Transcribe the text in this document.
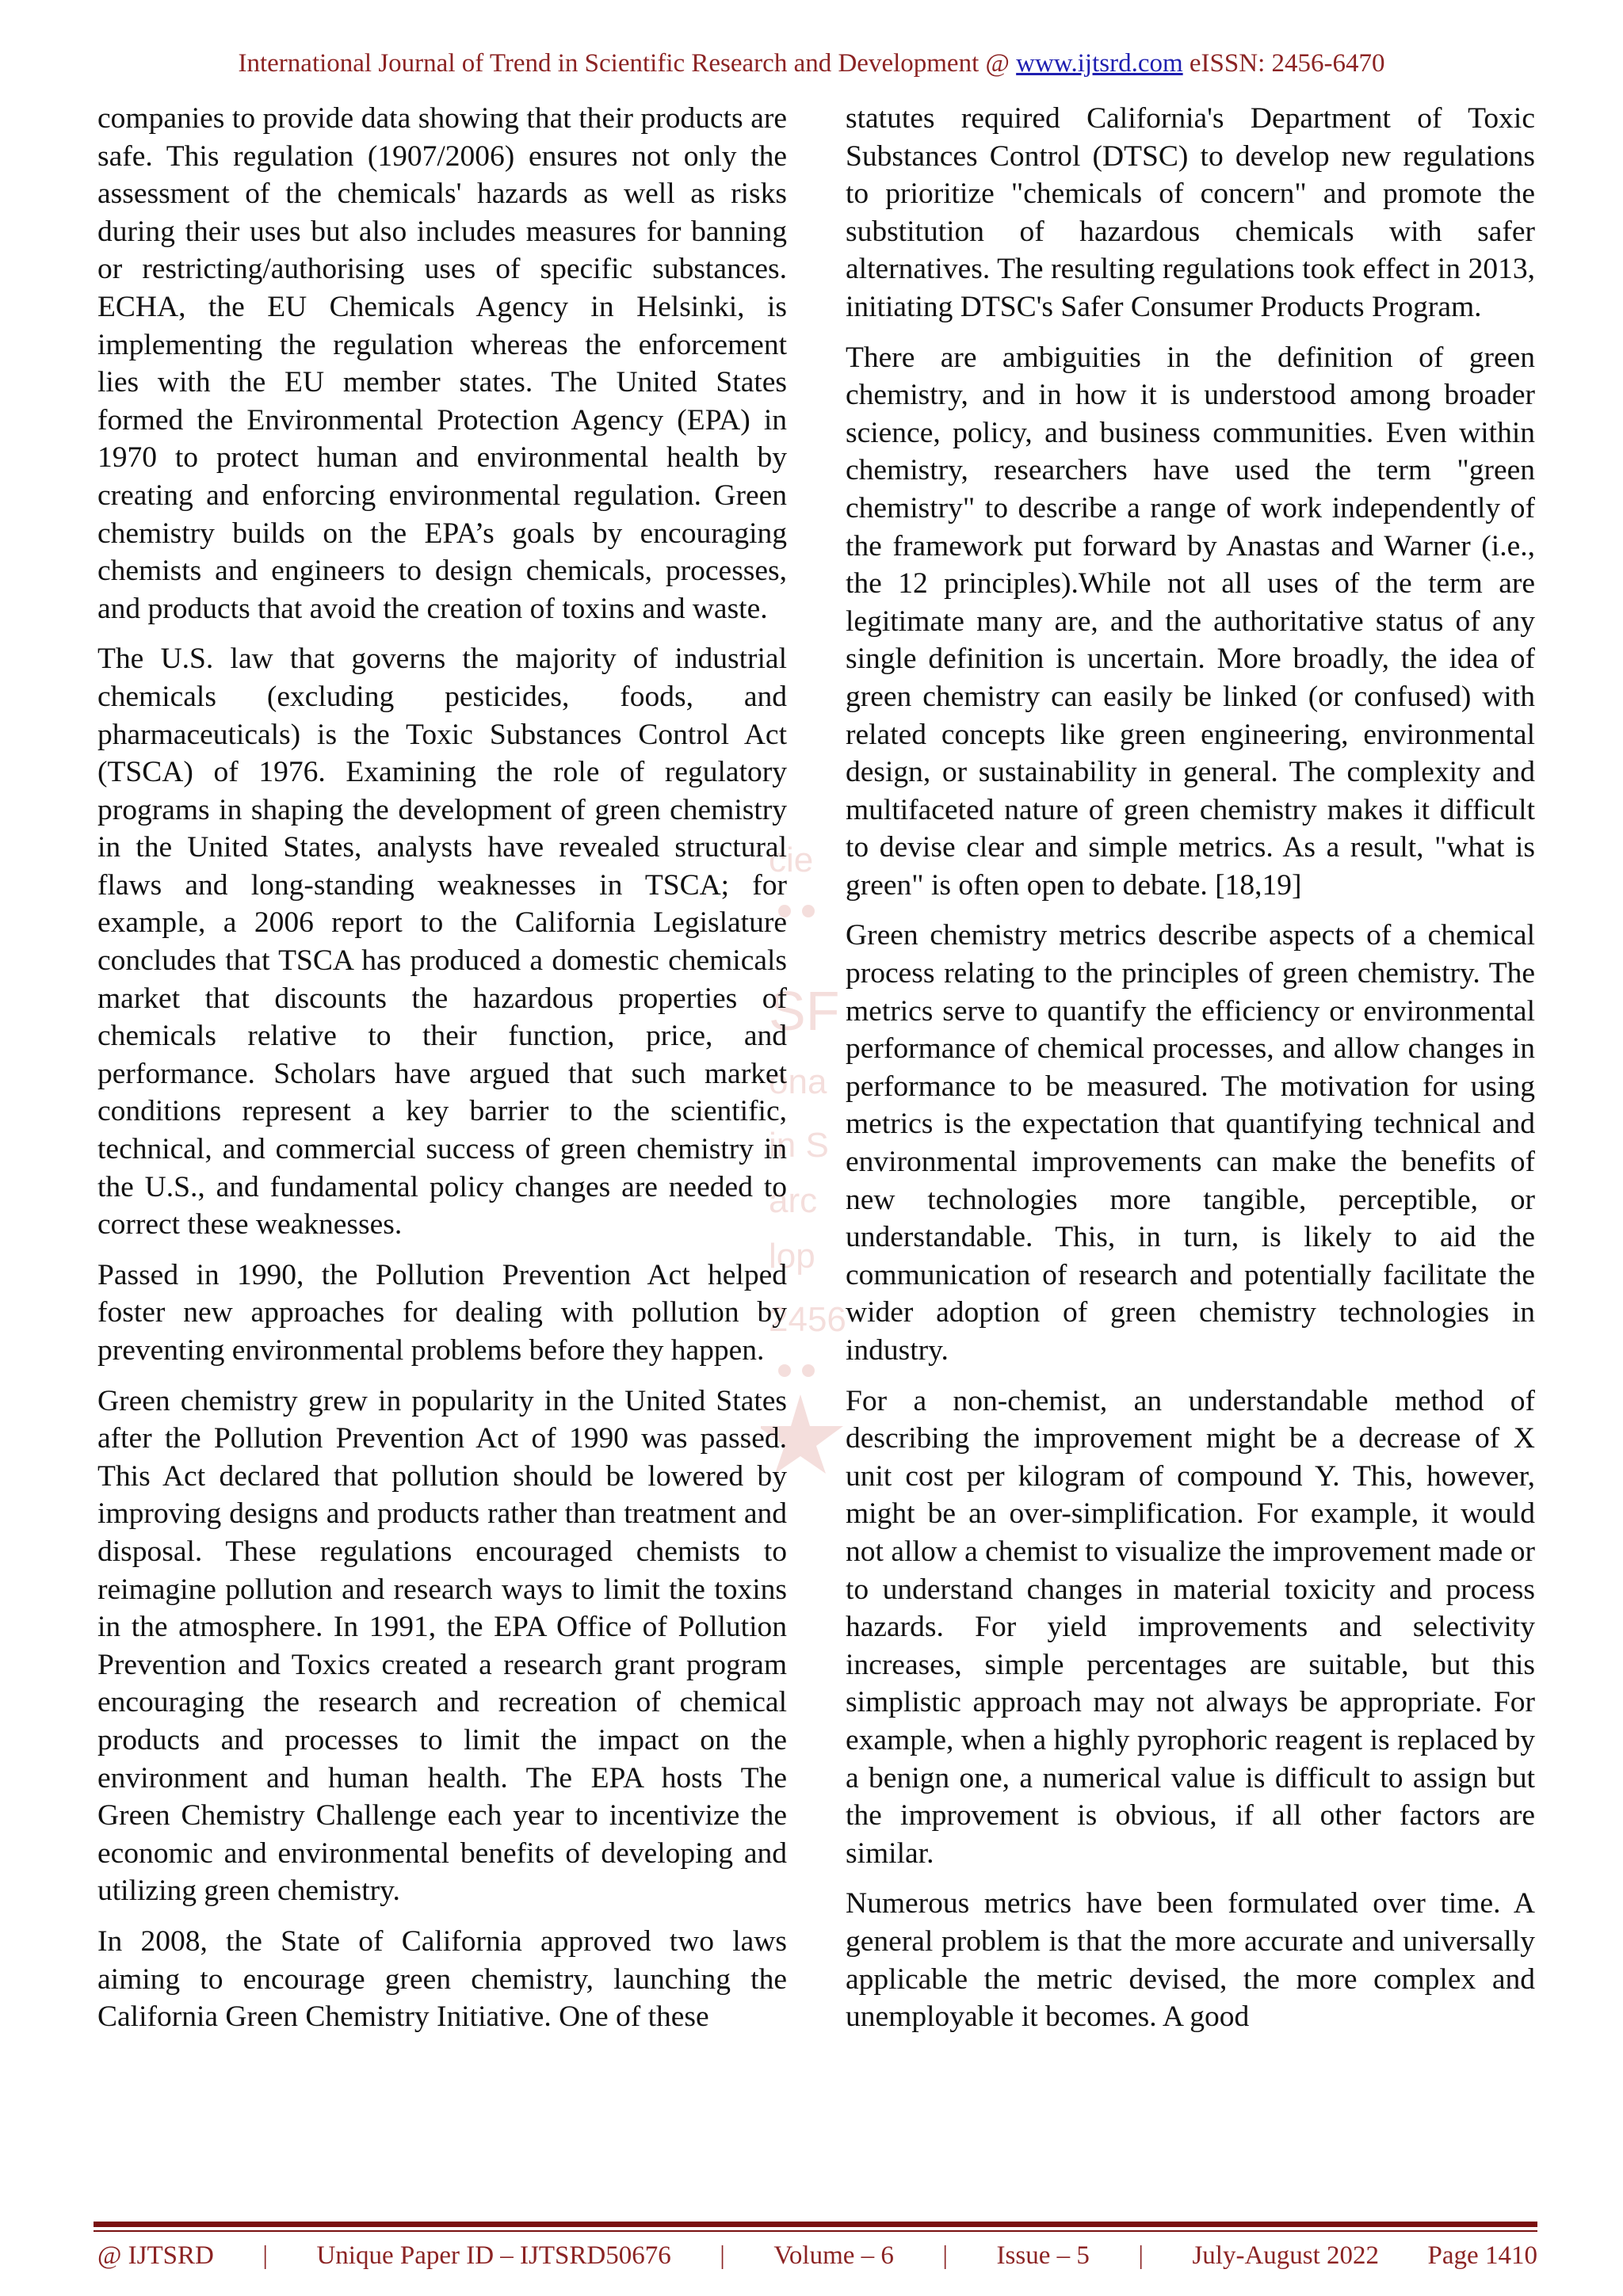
International Journal of Trend in Scientific Research and Development @ www.ijtsrd.com eISSN: 2456-6470
cie
SF
ona
in S
arc
lop
2456

companies to provide data showing that their products are safe. This regulation (1907/2006) ensures not only the assessment of the chemicals' hazards as well as risks during their uses but also includes measures for banning or restricting/authorising uses of specific substances. ECHA, the EU Chemicals Agency in Helsinki, is implementing the regulation whereas the enforcement lies with the EU member states. The United States formed the Environmental Protection Agency (EPA) in 1970 to protect human and environmental health by creating and enforcing environmental regulation. Green chemistry builds on the EPA’s goals by encouraging chemists and engineers to design chemicals, processes, and products that avoid the creation of toxins and waste.

The U.S. law that governs the majority of industrial chemicals (excluding pesticides, foods, and pharmaceuticals) is the Toxic Substances Control Act (TSCA) of 1976. Examining the role of regulatory programs in shaping the development of green chemistry in the United States, analysts have revealed structural flaws and long-standing weaknesses in TSCA; for example, a 2006 report to the California Legislature concludes that TSCA has produced a domestic chemicals market that discounts the hazardous properties of chemicals relative to their function, price, and performance. Scholars have argued that such market conditions represent a key barrier to the scientific, technical, and commercial success of green chemistry in the U.S., and fundamental policy changes are needed to correct these weaknesses.

Passed in 1990, the Pollution Prevention Act helped foster new approaches for dealing with pollution by preventing environmental problems before they happen.

Green chemistry grew in popularity in the United States after the Pollution Prevention Act of 1990 was passed. This Act declared that pollution should be lowered by improving designs and products rather than treatment and disposal. These regulations encouraged chemists to reimagine pollution and research ways to limit the toxins in the atmosphere. In 1991, the EPA Office of Pollution Prevention and Toxics created a research grant program encouraging the research and recreation of chemical products and processes to limit the impact on the environment and human health. The EPA hosts The Green Chemistry Challenge each year to incentivize the economic and environmental benefits of developing and utilizing green chemistry.

In 2008, the State of California approved two laws aiming to encourage green chemistry, launching the California Green Chemistry Initiative. One of these

statutes required California's Department of Toxic Substances Control (DTSC) to develop new regulations to prioritize "chemicals of concern" and promote the substitution of hazardous chemicals with safer alternatives. The resulting regulations took effect in 2013, initiating DTSC's Safer Consumer Products Program.

There are ambiguities in the definition of green chemistry, and in how it is understood among broader science, policy, and business communities. Even within chemistry, researchers have used the term "green chemistry" to describe a range of work independently of the framework put forward by Anastas and Warner (i.e., the 12 principles).While not all uses of the term are legitimate many are, and the authoritative status of any single definition is uncertain. More broadly, the idea of green chemistry can easily be linked (or confused) with related concepts like green engineering, environmental design, or sustainability in general. The complexity and multifaceted nature of green chemistry makes it difficult to devise clear and simple metrics. As a result, "what is green" is often open to debate. [18,19]

Green chemistry metrics describe aspects of a chemical process relating to the principles of green chemistry. The metrics serve to quantify the efficiency or environmental performance of chemical processes, and allow changes in performance to be measured. The motivation for using metrics is the expectation that quantifying technical and environmental improvements can make the benefits of new technologies more tangible, perceptible, or understandable. This, in turn, is likely to aid the communication of research and potentially facilitate the wider adoption of green chemistry technologies in industry.

For a non-chemist, an understandable method of describing the improvement might be a decrease of X unit cost per kilogram of compound Y. This, however, might be an over-simplification. For example, it would not allow a chemist to visualize the improvement made or to understand changes in material toxicity and process hazards. For yield improvements and selectivity increases, simple percentages are suitable, but this simplistic approach may not always be appropriate. For example, when a highly pyrophoric reagent is replaced by a benign one, a numerical value is difficult to assign but the improvement is obvious, if all other factors are similar.

Numerous metrics have been formulated over time. A general problem is that the more accurate and universally applicable the metric devised, the more complex and unemployable it becomes. A good

@ IJTSRD | Unique Paper ID – IJTSRD50676 | Volume – 6 | Issue – 5 | July-August 2022 Page 1410
